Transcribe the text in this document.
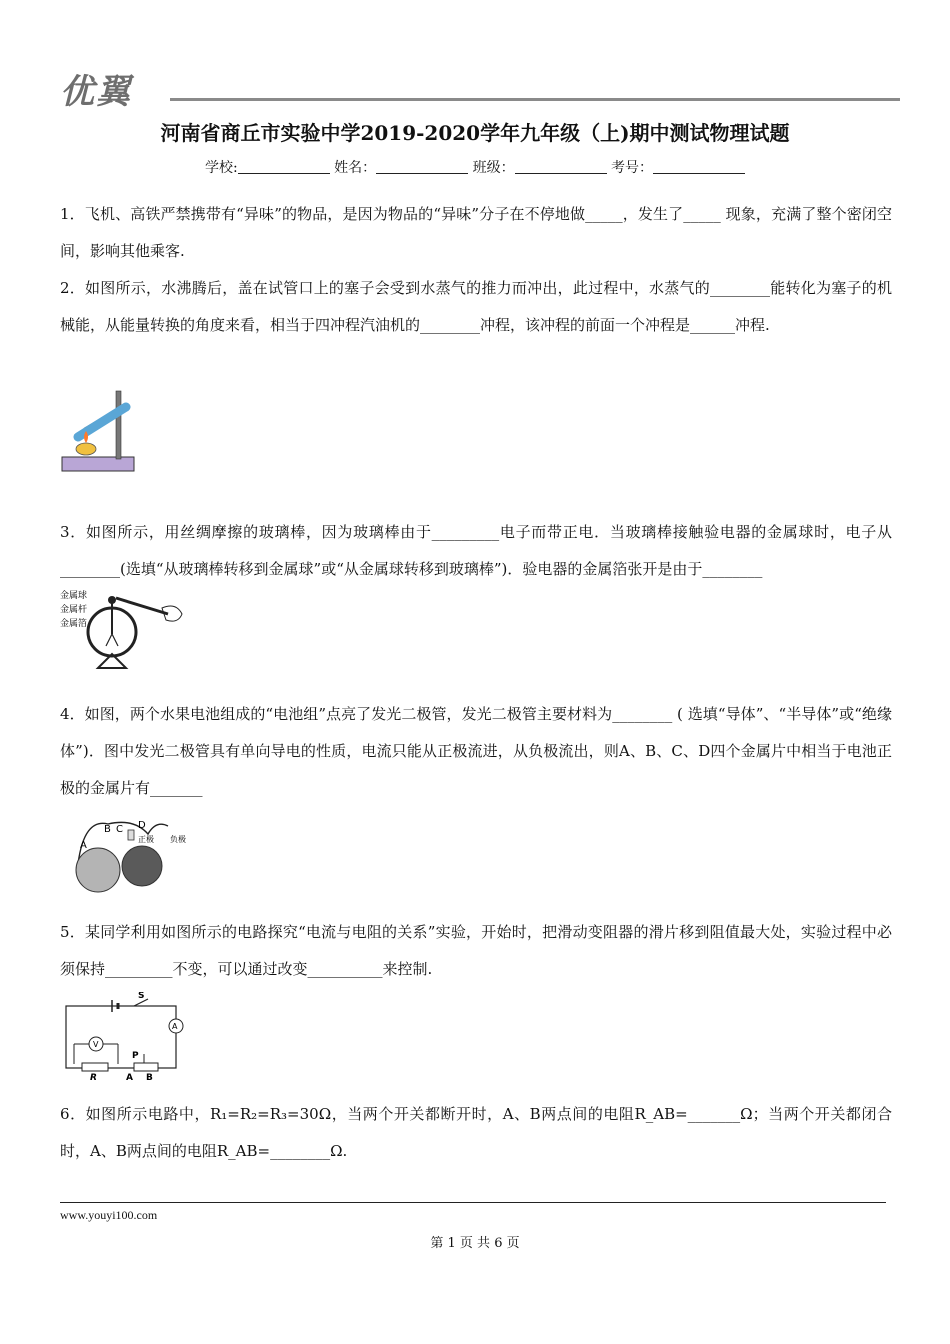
优翼
河南省商丘市实验中学2019-2020学年九年级（上)期中测试物理试题
学校:	姓名：	班级：	考号：
1．飞机、高铁严禁携带有“异味”的物品，是因为物品的“异味”分子在不停地做_____，发生了_____ 现象，充满了整个密闭空间，影响其他乘客.
2．如图所示，水沸腾后，盖在试管口上的塞子会受到水蒸气的推力而冲出，此过程中，水蒸气的________能转化为塞子的机械能，从能量转换的角度来看，相当于四冲程汽油机的________冲程，该冲程的前面一个冲程是______冲程.
3．如图所示，用丝绸摩擦的玻璃棒，因为玻璃棒由于_________电子而带正电．当玻璃棒接触验电器的金属球时，电子从________(选填“从玻璃棒转移到金属球”或“从金属球转移到玻璃棒”)．验电器的金属箔张开是由于________
金属球
金属杆
金属箔
4．如图，两个水果电池组成的“电池组”点亮了发光二极管，发光二极管主要材料为________ ( 选填“导体”、“半导体”或“绝缘体”)．图中发光二极管具有单向导电的性质，电流只能从正极流进，从负极流出，则A、B、C、D四个金属片中相当于电池正极的金属片有_______
A
B C D
正极 负极
5．某同学利用如图所示的电路探究“电流与电阻的关系”实验，开始时，把滑动变阻器的滑片移到阻值最大处，实验过程中必须保持_________不变，可以通过改变__________来控制.
S
A
V
R
P
A B
6．如图所示电路中，R₁=R₂=R₃=30Ω，当两个开关都断开时，A、B两点间的电阻R_AB=_______Ω；当两个开关都闭合时，A、B两点间的电阻R_AB=________Ω.
www.youyi100.com
第 1 页 共 6 页
